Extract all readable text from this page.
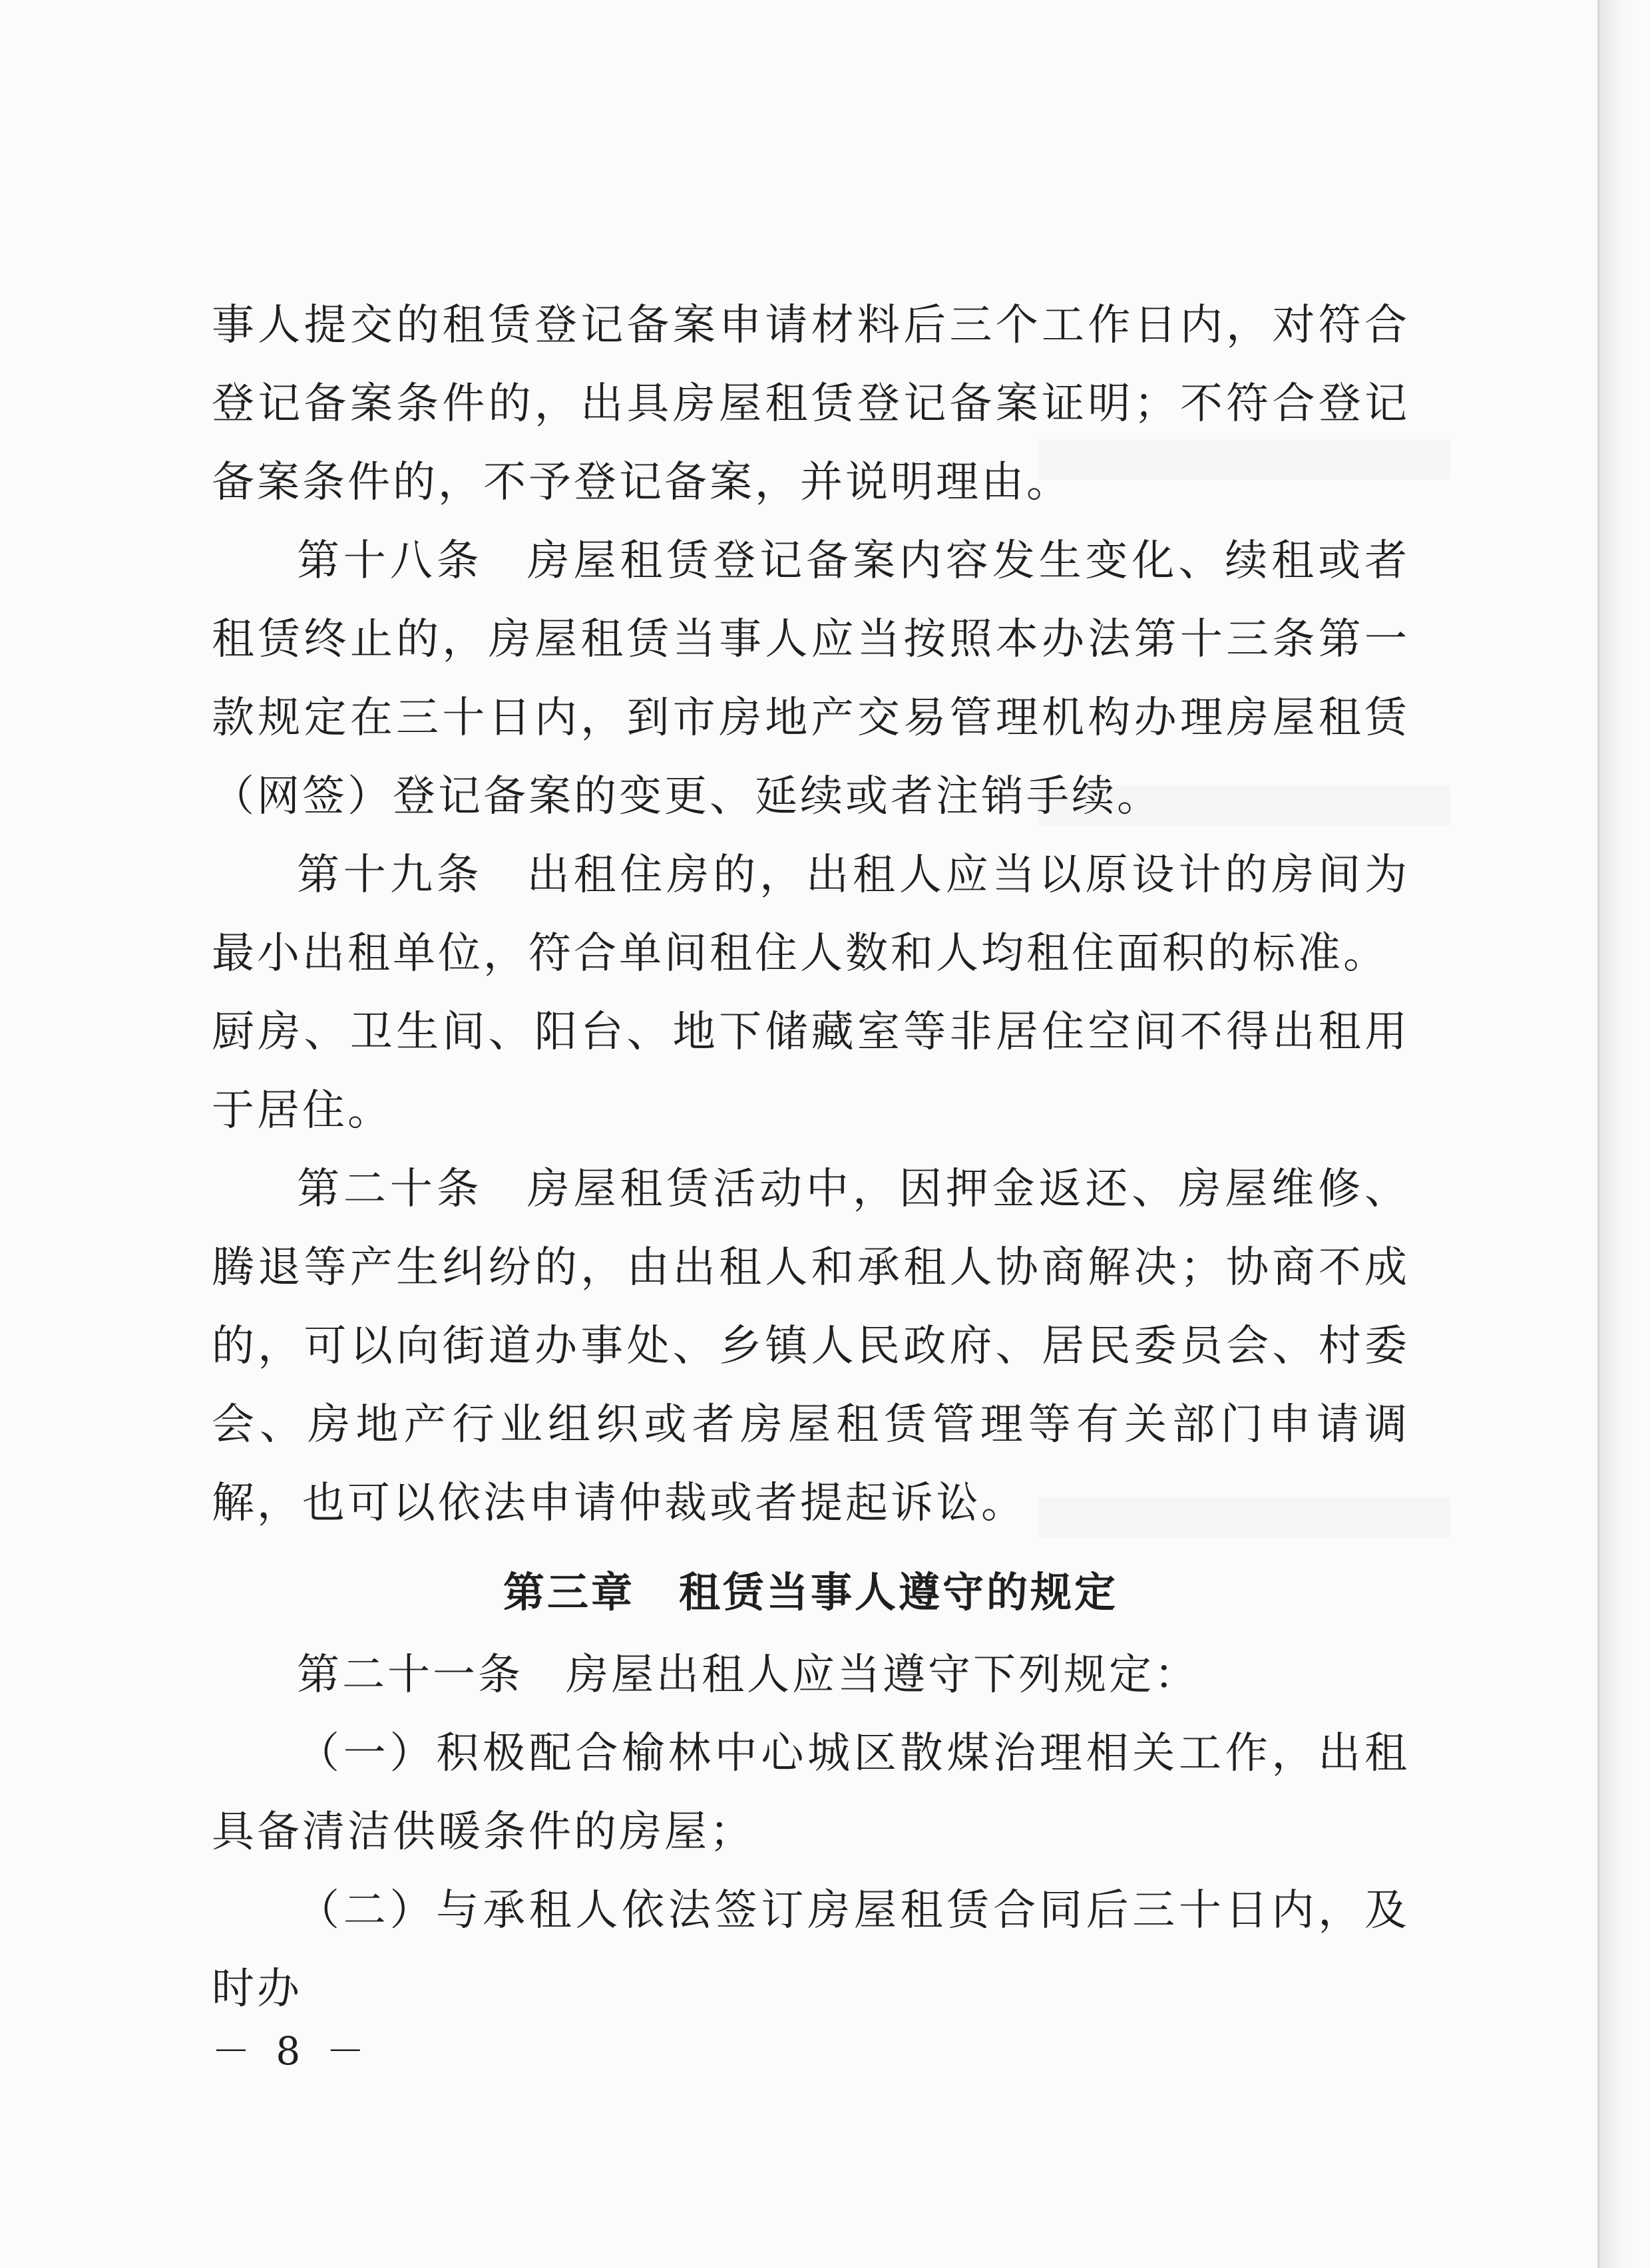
事人提交的租赁登记备案申请材料后三个工作日内，对符合登记备案条件的，出具房屋租赁登记备案证明；不符合登记备案条件的，不予登记备案，并说明理由。

第十八条 房屋租赁登记备案内容发生变化、续租或者租赁终止的，房屋租赁当事人应当按照本办法第十三条第一款规定在三十日内，到市房地产交易管理机构办理房屋租赁（网签）登记备案的变更、延续或者注销手续。

第十九条 出租住房的，出租人应当以原设计的房间为最小出租单位，符合单间租住人数和人均租住面积的标准。

厨房、卫生间、阳台、地下储藏室等非居住空间不得出租用于居住。

第二十条 房屋租赁活动中，因押金返还、房屋维修、腾退等产生纠纷的，由出租人和承租人协商解决；协商不成的，可以向街道办事处、乡镇人民政府、居民委员会、村委会、房地产行业组织或者房屋租赁管理等有关部门申请调解，也可以依法申请仲裁或者提起诉讼。

第三章　租赁当事人遵守的规定

第二十一条 房屋出租人应当遵守下列规定：

（一）积极配合榆林中心城区散煤治理相关工作，出租具备清洁供暖条件的房屋；

（二）与承租人依法签订房屋租赁合同后三十日内，及时办

－ 8 －
